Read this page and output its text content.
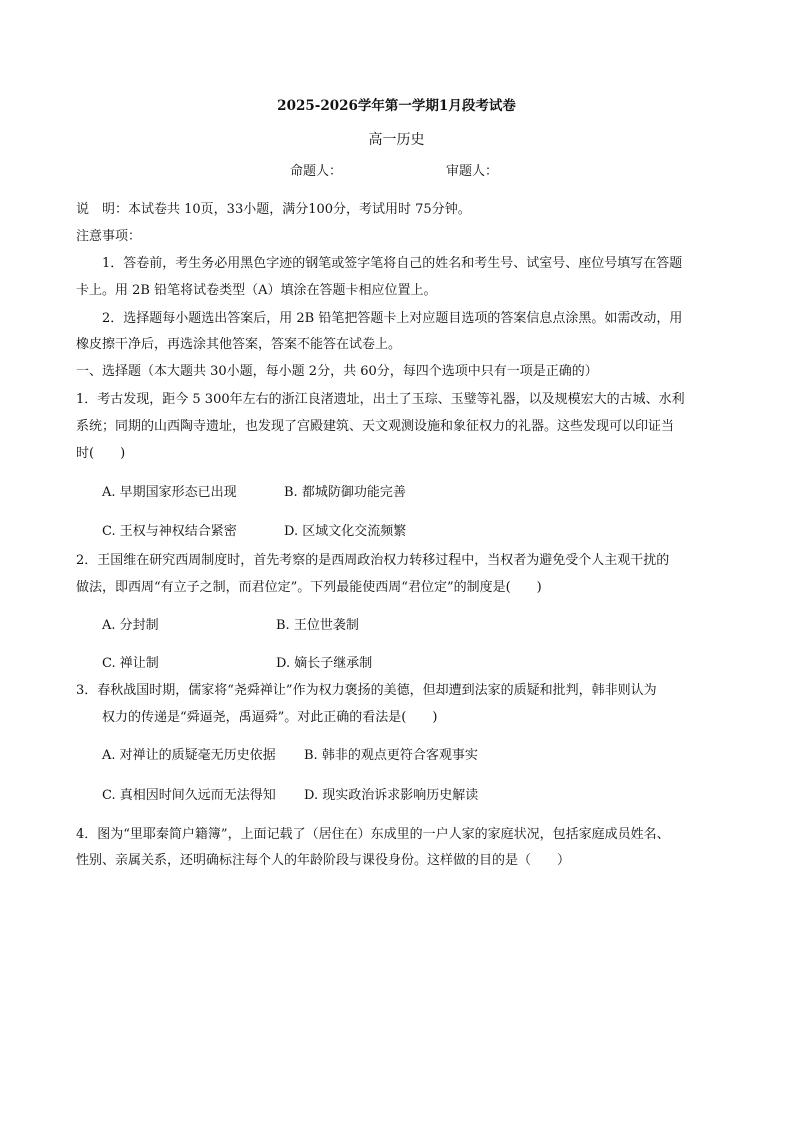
2025-2026学年第一学期1月段考试卷
高一历史
命题人：	审题人：
说　明：本试卷共 10页，33小题，满分100分，考试用时 75分钟。
注意事项：
1．答卷前，考生务必用黑色字迹的钢笔或签字笔将自己的姓名和考生号、试室号、座位号填写在答题
卡上。用 2B 铅笔将试卷类型（A）填涂在答题卡相应位置上。
2．选择题每小题选出答案后，用 2B 铅笔把答题卡上对应题目选项的答案信息点涂黑。如需改动，用
橡皮擦干净后，再选涂其他答案，答案不能答在试卷上。
一、选择题（本大题共 30小题，每小题 2分，共 60分，每四个选项中只有一项是正确的）
1．考古发现，距今 5 300年左右的浙江良渚遗址，出土了玉琮、玉璧等礼器，以及规模宏大的古城、水利
系统；同期的山西陶寺遗址，也发现了宫殿建筑、天文观测设施和象征权力的礼器。这些发现可以印证当
时(　　)
A. 早期国家形态已出现	B. 都城防御功能完善
C. 王权与神权结合紧密	D. 区域文化交流频繁
2．王国维在研究西周制度时，首先考察的是西周政治权力转移过程中，当权者为避免受个人主观干扰的
做法，即西周“有立子之制，而君位定”。下列最能使西周“君位定”的制度是(　　)
A. 分封制	B. 王位世袭制
C. 禅让制	D. 嫡长子继承制
3．春秋战国时期，儒家将“尧舜禅让”作为权力褒扬的美德，但却遭到法家的质疑和批判，韩非则认为
权力的传递是“舜逼尧，禹逼舜”。对此正确的看法是(　　)
A. 对禅让的质疑毫无历史依据 B. 韩非的观点更符合客观事实
C. 真相因时间久远而无法得知 D. 现实政治诉求影响历史解读
4．图为“里耶秦简户籍簿”，上面记载了（居住在）东成里的一户人家的家庭状况，包括家庭成员姓名、
性别、亲属关系，还明确标注每个人的年龄阶段与课役身份。这样做的目的是（　　）
